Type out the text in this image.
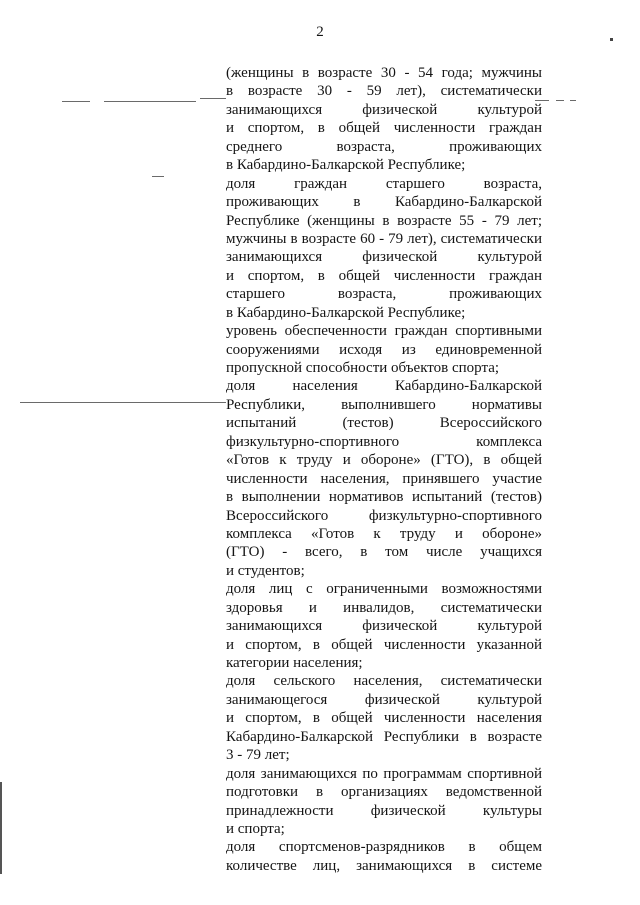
2
(женщины в возрасте 30 - 54 года; мужчины
в возрасте 30 - 59 лет), систематически
занимающихся физической культурой
и спортом, в общей численности граждан
среднего возраста, проживающих
в Кабардино-Балкарской Республике;
доля граждан старшего возраста,
проживающих в Кабардино-Балкарской
Республике (женщины в возрасте 55 - 79 лет;
мужчины в возрасте 60 - 79 лет), систематически
занимающихся физической культурой
и спортом, в общей численности граждан
старшего возраста, проживающих
в Кабардино-Балкарской Республике;
уровень обеспеченности граждан спортивными
сооружениями исходя из единовременной
пропускной способности объектов спорта;
доля населения Кабардино-Балкарской
Республики, выполнившего нормативы
испытаний (тестов) Всероссийского
физкультурно-спортивного комплекса
«Готов к труду и обороне» (ГТО), в общей
численности населения, принявшего участие
в выполнении нормативов испытаний (тестов)
Всероссийского физкультурно-спортивного
комплекса «Готов к труду и обороне»
(ГТО) - всего, в том числе учащихся
и студентов;
доля лиц с ограниченными возможностями
здоровья и инвалидов, систематически
занимающихся физической культурой
и спортом, в общей численности указанной
категории населения;
доля сельского населения, систематически
занимающегося физической культурой
и спортом, в общей численности населения
Кабардино-Балкарской Республики в возрасте
3 - 79 лет;
доля занимающихся по программам спортивной
подготовки в организациях ведомственной
принадлежности физической культуры
и спорта;
доля спортсменов-разрядников в общем
количестве лиц, занимающихся в системе
